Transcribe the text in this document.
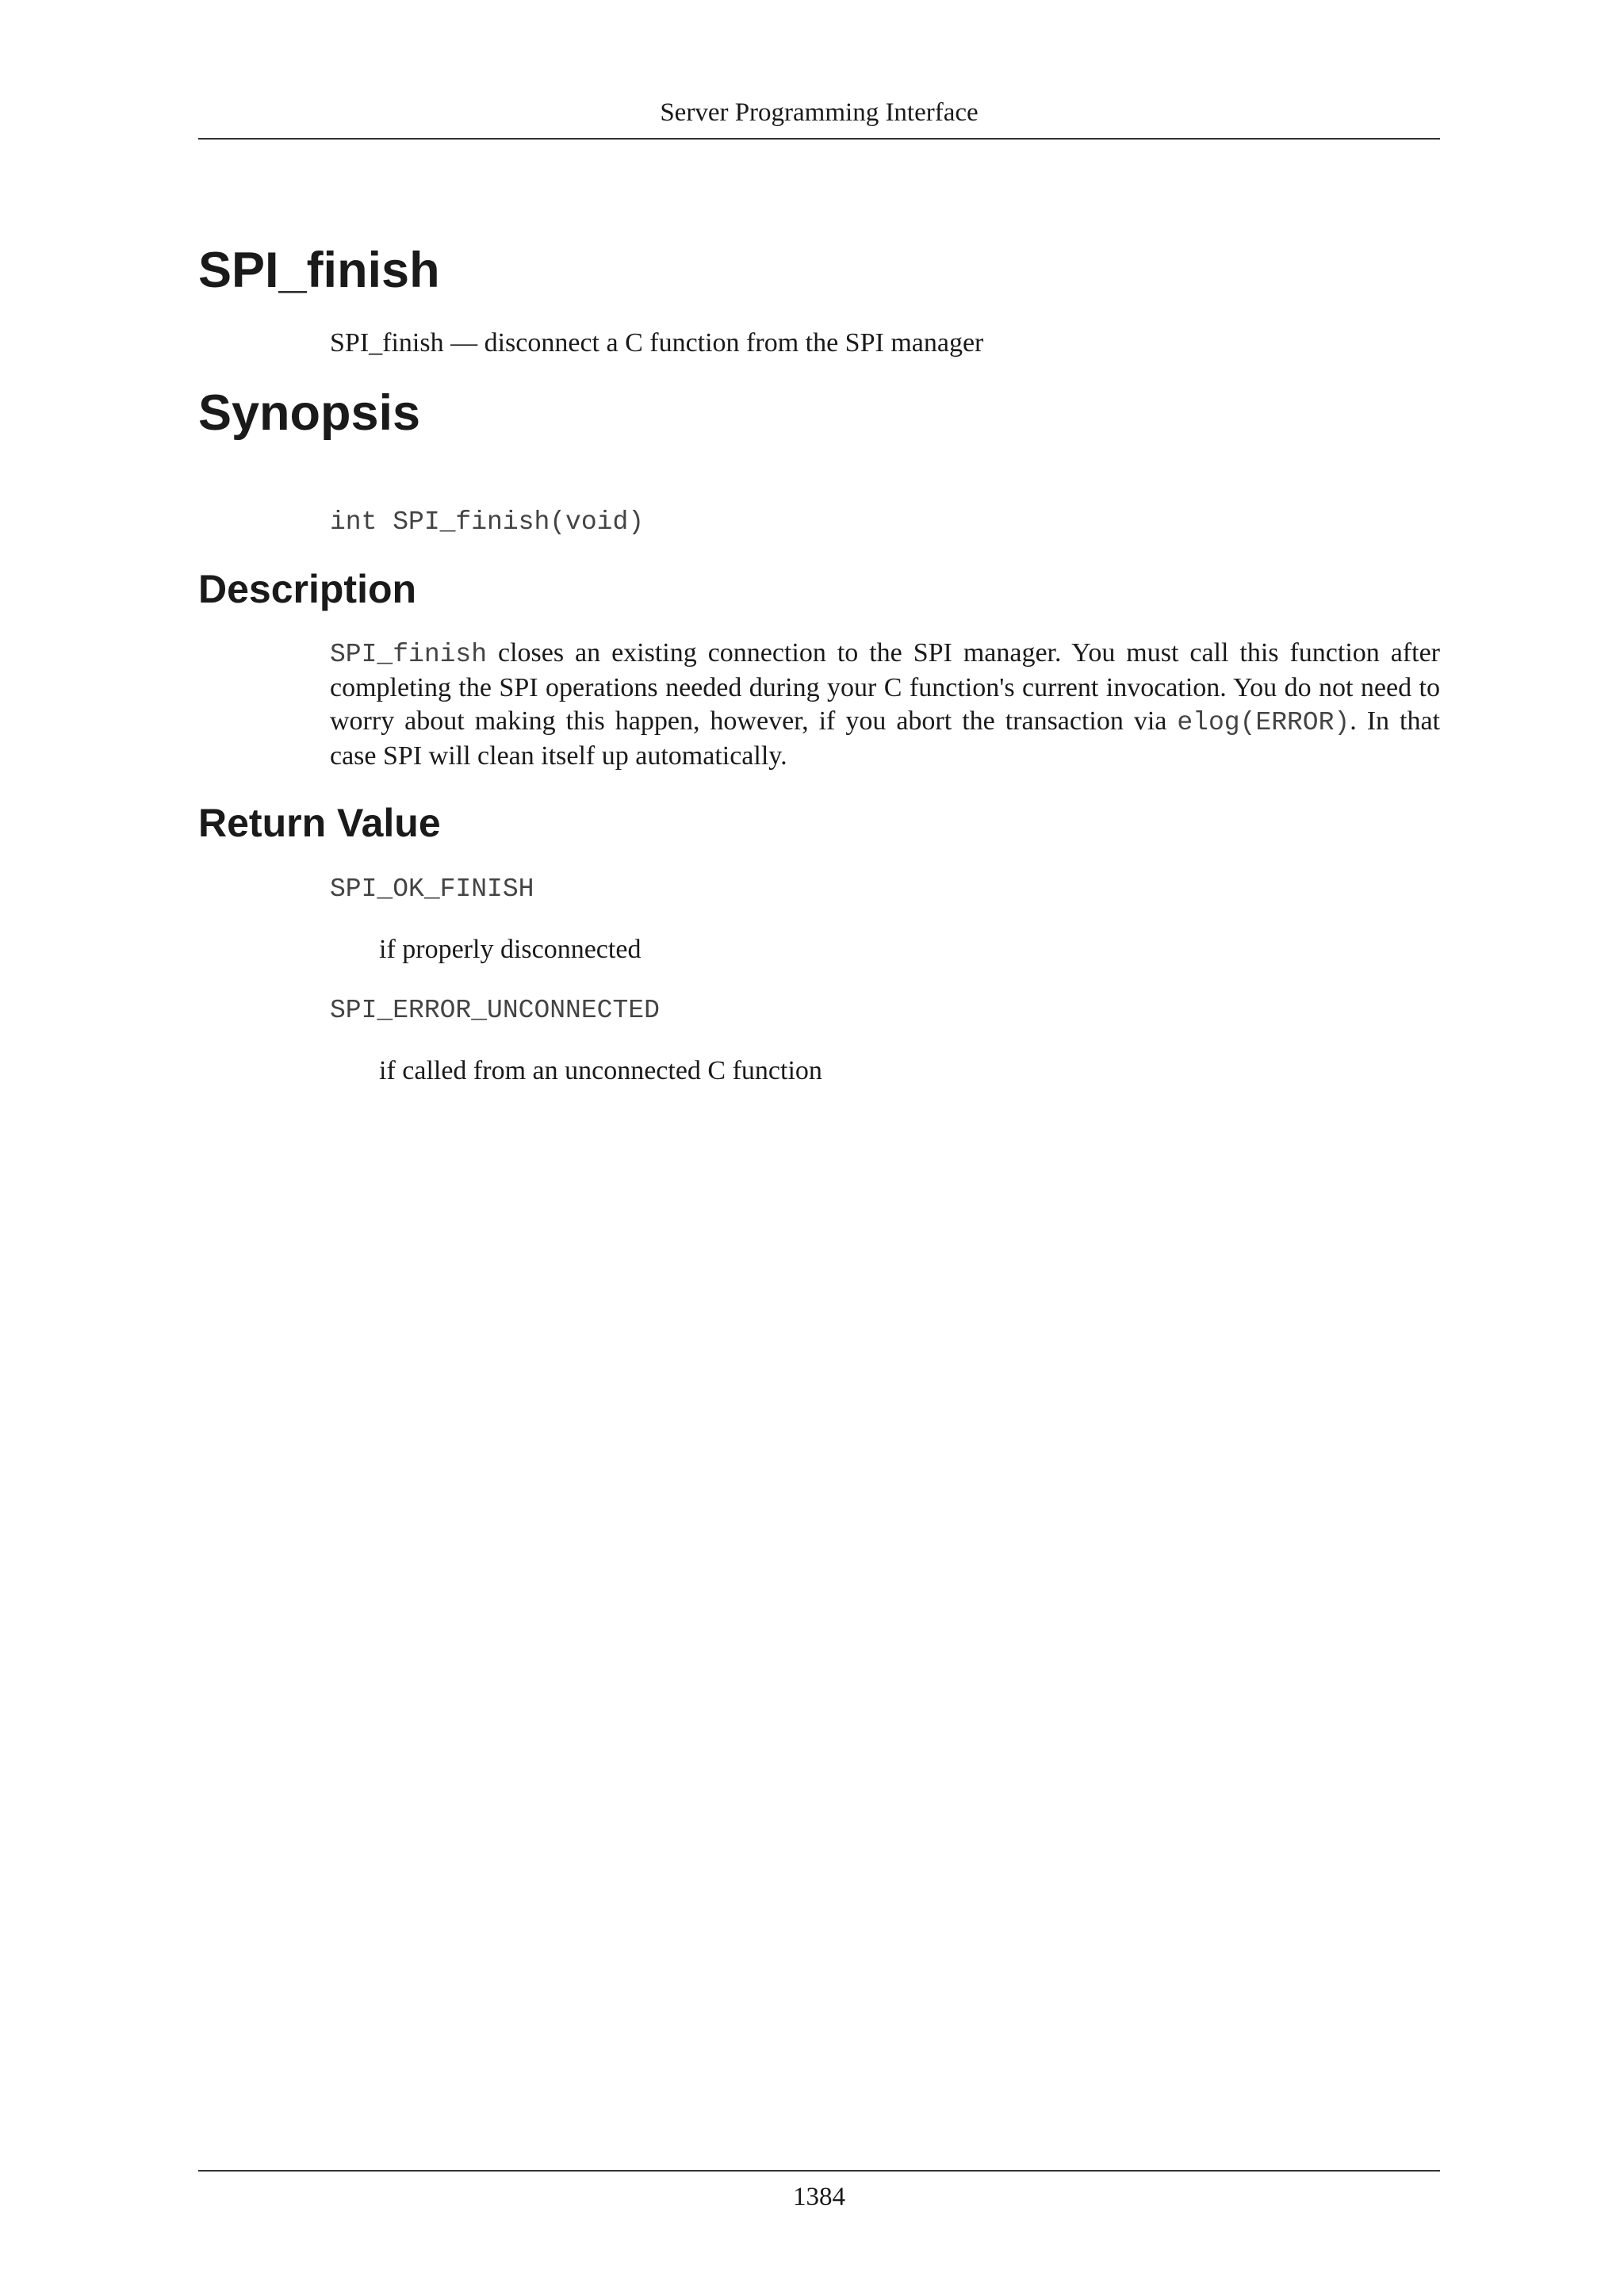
Server Programming Interface
SPI_finish
SPI_finish — disconnect a C function from the SPI manager
Synopsis
int SPI_finish(void)
Description

SPI_finish closes an existing connection to the SPI manager. You must call this function after completing the SPI operations needed during your C function's current invocation. You do not need to worry about making this happen, however, if you abort the transaction via elog(ERROR). In that case SPI will clean itself up automatically.

Return Value
SPI_OK_FINISH
if properly disconnected
SPI_ERROR_UNCONNECTED
if called from an unconnected C function
1384
